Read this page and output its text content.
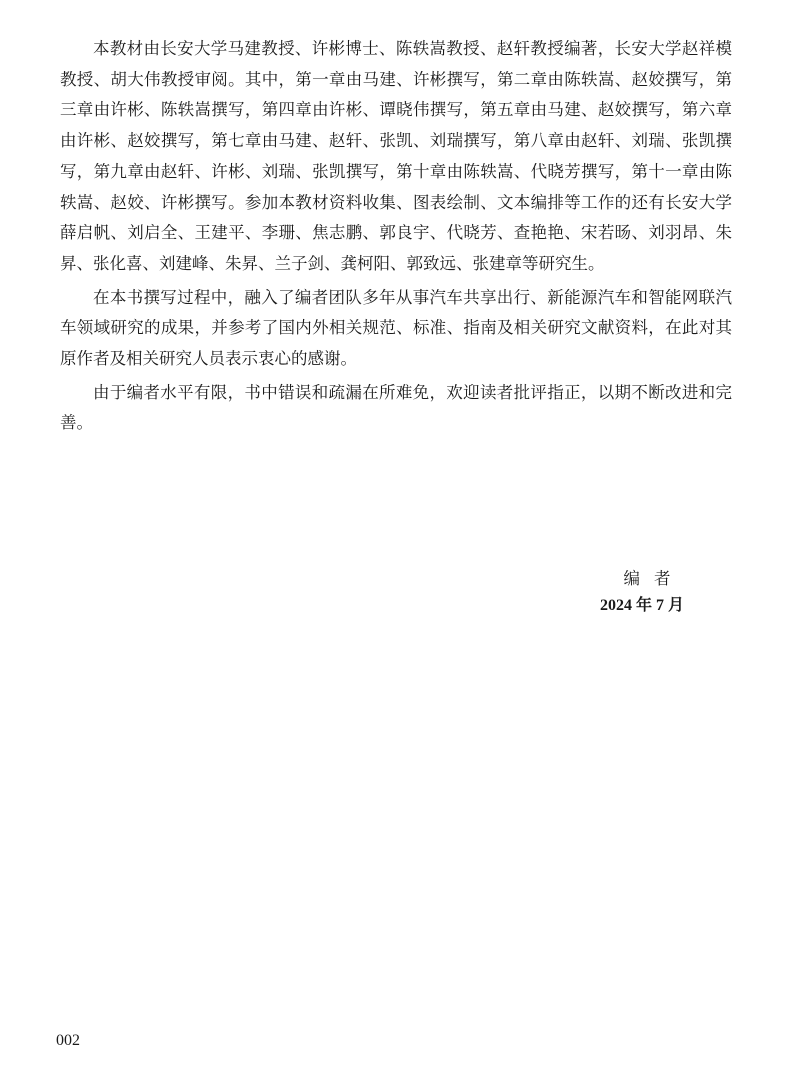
本教材由长安大学马建教授、许彬博士、陈轶嵩教授、赵轩教授编著，长安大学赵祥模教授、胡大伟教授审阅。其中，第一章由马建、许彬撰写，第二章由陈轶嵩、赵姣撰写，第三章由许彬、陈轶嵩撰写，第四章由许彬、谭晓伟撰写，第五章由马建、赵姣撰写，第六章由许彬、赵姣撰写，第七章由马建、赵轩、张凯、刘瑞撰写，第八章由赵轩、刘瑞、张凯撰写，第九章由赵轩、许彬、刘瑞、张凯撰写，第十章由陈轶嵩、代晓芳撰写，第十一章由陈轶嵩、赵姣、许彬撰写。参加本教材资料收集、图表绘制、文本编排等工作的还有长安大学薛启帆、刘启全、王建平、李珊、焦志鹏、郭良宇、代晓芳、查艳艳、宋若旸、刘羽昂、朱昇、张化喜、刘建峰、朱昇、兰子剑、龚柯阳、郭致远、张建章等研究生。

在本书撰写过程中，融入了编者团队多年从事汽车共享出行、新能源汽车和智能网联汽车领域研究的成果，并参考了国内外相关规范、标准、指南及相关研究文献资料，在此对其原作者及相关研究人员表示衷心的感谢。

由于编者水平有限，书中错误和疏漏在所难免，欢迎读者批评指正，以期不断改进和完善。

编者
2024 年 7 月
002
